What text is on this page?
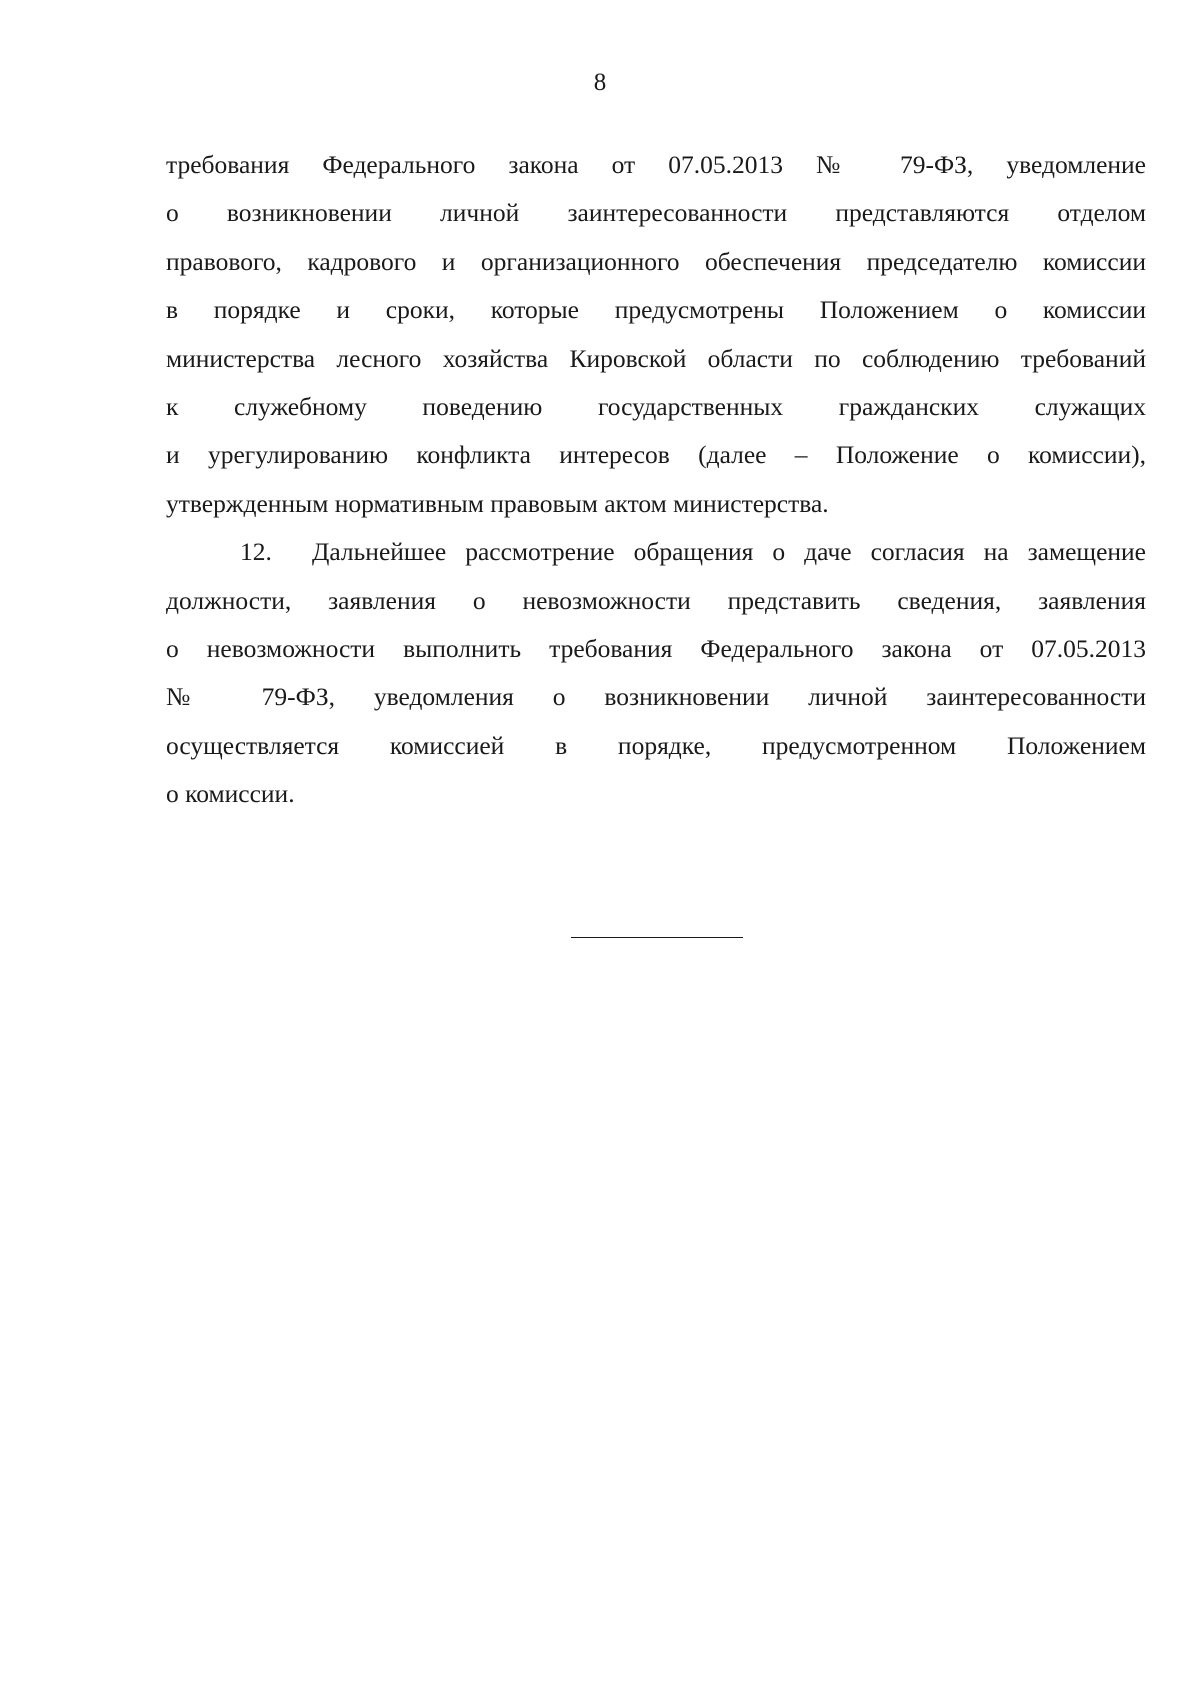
8
требования Федерального закона от 07.05.2013 № 79-ФЗ, уведомление
о возникновении личной заинтересованности представляются отделом
правового, кадрового и организационного обеспечения председателю комиссии
в порядке и сроки, которые предусмотрены Положением о комиссии
министерства лесного хозяйства Кировской области по соблюдению требований
к служебному поведению государственных гражданских служащих
и урегулированию конфликта интересов (далее – Положение о комиссии),
утвержденным нормативным правовым актом министерства.
12. Дальнейшее рассмотрение обращения о даче согласия на замещение
должности, заявления о невозможности представить сведения, заявления
о невозможности выполнить требования Федерального закона от 07.05.2013
№ 79-ФЗ, уведомления о возникновении личной заинтересованности
осуществляется комиссией в порядке, предусмотренном Положением
о комиссии.
